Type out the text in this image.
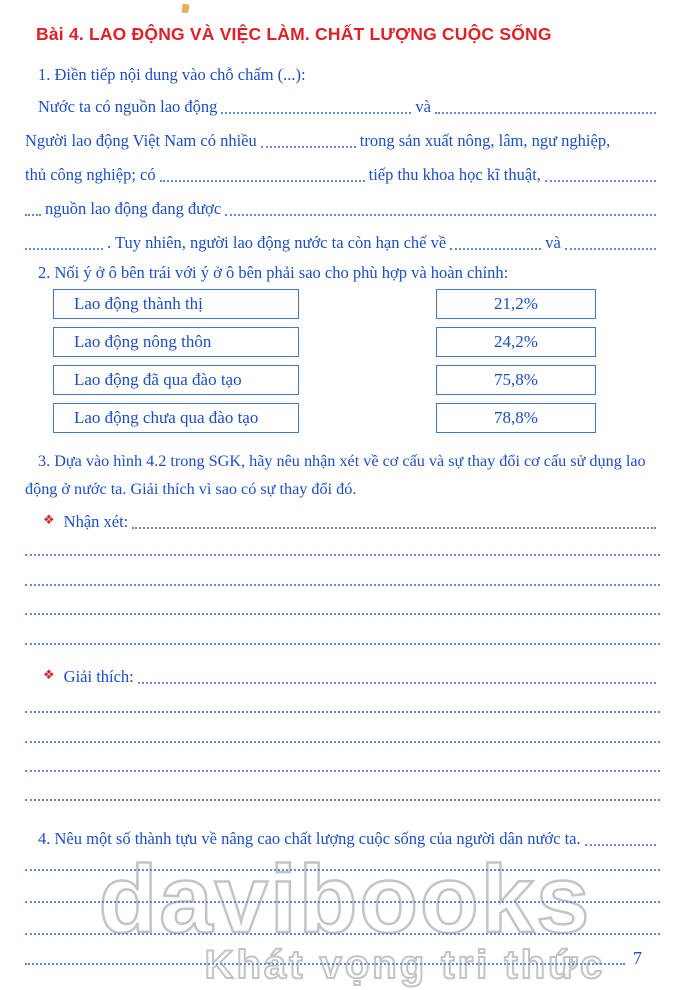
davibooks
Khát vọng tri thức
Bài 4. LAO ĐỘNG VÀ VIỆC LÀM. CHẤT LƯỢNG CUỘC SỐNG
1. Điền tiếp nội dung vào chỗ chấm (...):
Nước ta có nguồn lao động	và
Người lao động Việt Nam có nhiều	trong sản xuất nông, lâm, ngư nghiệp,
thủ công nghiệp; có	tiếp thu khoa học kĩ thuật,
nguồn lao động đang được
. Tuy nhiên, người lao động nước ta còn hạn chế về	và
2. Nối ý ở ô bên trái với ý ở ô bên phải sao cho phù hợp và hoàn chỉnh:
Lao động thành thị	21,2%
Lao động nông thôn	24,2%
Lao động đã qua đào tạo	75,8%
Lao động chưa qua đào tạo	78,8%
3. Dựa vào hình 4.2 trong SGK, hãy nêu nhận xét về cơ cấu và sự thay đổi cơ cấu sử dụng lao động ở nước ta. Giải thích vì sao có sự thay đổi đó.
❖ Nhận xét:
❖ Giải thích:
4. Nêu một số thành tựu về nâng cao chất lượng cuộc sống của người dân nước ta.
7
